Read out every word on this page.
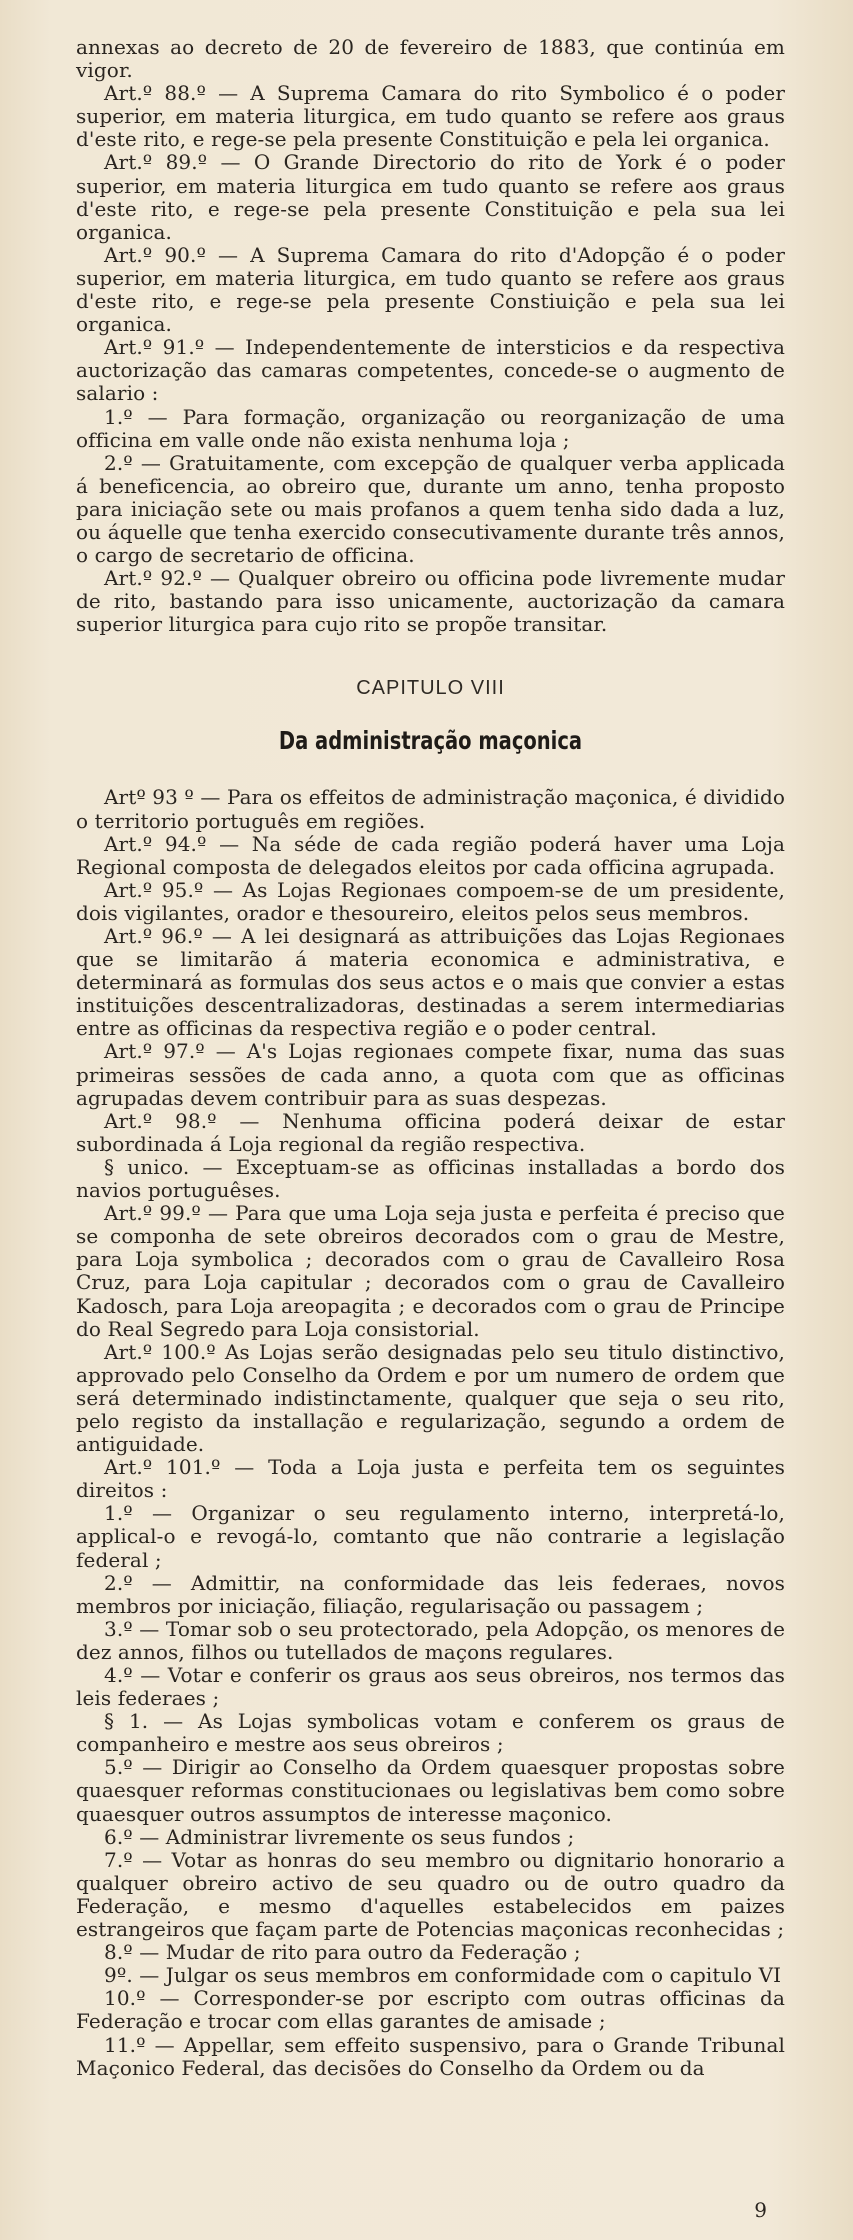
annexas ao decreto de 20 de fevereiro de 1883, que continúa em vigor.

Art.º 88.º — A Suprema Camara do rito Symbolico é o poder superior, em materia liturgica, em tudo quanto se refere aos graus d'este rito, e rege-se pela presente Constituição e pela lei organica.

Art.º 89.º — O Grande Directorio do rito de York é o poder superior, em materia liturgica em tudo quanto se refere aos graus d'este rito, e rege-se pela presente Constituição e pela sua lei organica.

Art.º 90.º — A Suprema Camara do rito d'Adopção é o poder superior, em materia liturgica, em tudo quanto se refere aos graus d'este rito, e rege-se pela presente Constiuição e pela sua lei organica.

Art.º 91.º — Independentemente de intersticios e da respectiva auctorização das camaras competentes, concede-se o augmento de salario :

1.º — Para formação, organização ou reorganização de uma officina em valle onde não exista nenhuma loja ;

2.º — Gratuitamente, com excepção de qualquer verba applicada á beneficencia, ao obreiro que, durante um anno, tenha proposto para iniciação sete ou mais profanos a quem tenha sido dada a luz, ou áquelle que tenha exercido consecutivamente durante três annos, o cargo de secretario de officina.

Art.º 92.º — Qualquer obreiro ou officina pode livremente mudar de rito, bastando para isso unicamente, auctorização da camara superior liturgica para cujo rito se propõe transitar.

CAPITULO VIII
Da administração maçonica

Artº 93 º — Para os effeitos de administração maçonica, é dividido o territorio português em regiões.

Art.º 94.º — Na séde de cada região poderá haver uma Loja Regional composta de delegados eleitos por cada officina agrupada.

Art.º 95.º — As Lojas Regionaes compoem-se de um presidente, dois vigilantes, orador e thesoureiro, eleitos pelos seus membros.

Art.º 96.º — A lei designará as attribuições das Lojas Regionaes que se limitarão á materia economica e administrativa, e determinará as formulas dos seus actos e o mais que convier a estas instituições descentralizadoras, destinadas a serem intermediarias entre as officinas da respectiva região e o poder central.

Art.º 97.º — A's Lojas regionaes compete fixar, numa das suas primeiras sessões de cada anno, a quota com que as officinas agrupadas devem contribuir para as suas despezas.

Art.º 98.º — Nenhuma officina poderá deixar de estar subordinada á Loja regional da região respectiva.

§ unico. — Exceptuam-se as officinas installadas a bordo dos navios portuguêses.

Art.º 99.º — Para que uma Loja seja justa e perfeita é preciso que se componha de sete obreiros decorados com o grau de Mestre, para Loja symbolica ; decorados com o grau de Cavalleiro Rosa Cruz, para Loja capitular ; decorados com o grau de Cavalleiro Kadosch, para Loja areopagita ; e decorados com o grau de Principe do Real Segredo para Loja consistorial.

Art.º 100.º As Lojas serão designadas pelo seu titulo distinctivo, approvado pelo Conselho da Ordem e por um numero de ordem que será determinado indistinctamente, qualquer que seja o seu rito, pelo registo da installação e regularização, segundo a ordem de antiguidade.

Art.º 101.º — Toda a Loja justa e perfeita tem os seguintes direitos :

1.º — Organizar o seu regulamento interno, interpretá-lo, applical-o e revogá-lo, comtanto que não contrarie a legislação federal ;

2.º — Admittir, na conformidade das leis federaes, novos membros por iniciação, filiação, regularisação ou passagem ;

3.º — Tomar sob o seu protectorado, pela Adopção, os menores de dez annos, filhos ou tutellados de maçons regulares.

4.º — Votar e conferir os graus aos seus obreiros, nos termos das leis federaes ;

§ 1. — As Lojas symbolicas votam e conferem os graus de companheiro e mestre aos seus obreiros ;

5.º — Dirigir ao Conselho da Ordem quaesquer propostas sobre quaesquer reformas constitucionaes ou legislativas bem como sobre quaesquer outros assumptos de interesse maçonico.

6.º — Administrar livremente os seus fundos ;

7.º — Votar as honras do seu membro ou dignitario honorario a qualquer obreiro activo de seu quadro ou de outro quadro da Federação, e mesmo d'aquelles estabelecidos em paizes estrangeiros que façam parte de Potencias maçonicas reconhecidas ;

8.º — Mudar de rito para outro da Federação ;

9º. — Julgar os seus membros em conformidade com o capitulo VI

10.º — Corresponder-se por escripto com outras officinas da Federação e trocar com ellas garantes de amisade ;

11.º — Appellar, sem effeito suspensivo, para o Grande Tribunal Maçonico Federal, das decisões do Conselho da Ordem ou da

9
